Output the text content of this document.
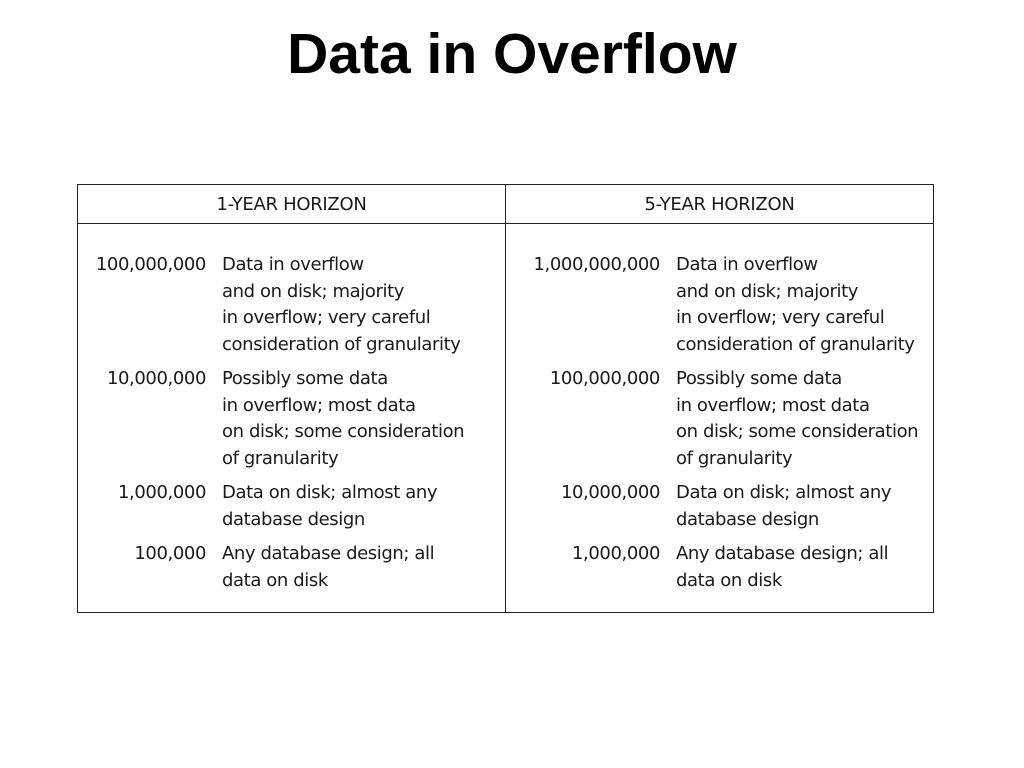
Data in Overflow
1-YEAR HORIZON
100,000,000 Data in overflow
and on disk; majority
in overflow; very careful
consideration of granularity
10,000,000 Possibly some data
in overflow; most data
on disk; some consideration
of granularity
1,000,000 Data on disk; almost any
database design
100,000 Any database design; all
data on disk
5-YEAR HORIZON
1,000,000,000 Data in overflow
and on disk; majority
in overflow; very careful
consideration of granularity
100,000,000 Possibly some data
in overflow; most data
on disk; some consideration
of granularity
10,000,000 Data on disk; almost any
database design
1,000,000 Any database design; all
data on disk
